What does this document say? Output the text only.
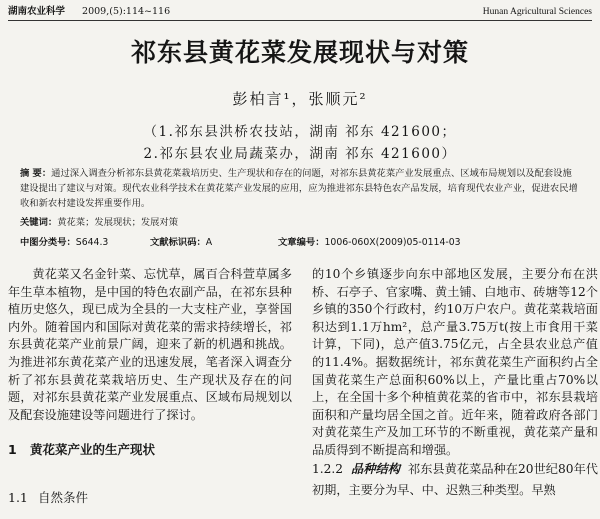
湖南农业科学 2009,(5):114~116	Hunan Agricultural Sciences
祁东县黄花菜发展现状与对策
彭柏言¹，张顺元²
（1.祁东县洪桥农技站，湖南 祁东 421600；
2.祁东县农业局蔬菜办，湖南 祁东 421600）
摘 要：通过深入调查分析祁东县黄花菜栽培历史、生产现状和存在的问题，对祁东县黄花菜产业发展重点、区域布局规划以及配套设施建设提出了建议与对策。现代农业科学技术在黄花菜产业发展的应用，应为推进祁东县特色农产品发展，培育现代农业产业，促进农民增收和新农村建设发挥重要作用。
关键词：黄花菜；发展现状；发展对策
中图分类号：S644.3	文献标识码：A	文章编号：1006-060X(2009)05-0114-03

黄花菜又名金针菜、忘忧草，属百合科萱草属多年生草本植物，是中国的特色农副产品，在祁东县种植历史悠久，现已成为全县的一大支柱产业，享誉国内外。随着国内和国际对黄花菜的需求持续增长，祁东县黄花菜产业前景广阔，迎来了新的机遇和挑战。为推进祁东黄花菜产业的迅速发展，笔者深入调查分析了祁东县黄花菜栽培历史、生产现状及存在的问题，对祁东县黄花菜产业发展重点、区域布局规划以及配套设施建设等问题进行了探讨。

1 黄花菜产业的生产现状
1.1 自然条件

的10个乡镇逐步向东中部地区发展，主要分布在洪桥、石亭子、官家嘴、黄土铺、白地市、砖塘等12个乡镇的350个行政村，约10万户农户。黄花菜栽培面积达到1.1万hm²，总产量3.75万t(按上市食用干菜计算，下同)，总产值3.75亿元，占全县农业总产值的11.4%。据数据统计，祁东黄花菜生产面积约占全国黄花菜生产总面积60%以上，产量比重占70%以上，在全国十多个种植黄花菜的省市中，祁东县栽培面积和产量均居全国之首。近年来，随着政府各部门对黄花菜生产及加工环节的不断重视，黄花菜产量和品质得到不断提高和增强。

1.2.2 品种结构 祁东县黄花菜品种在20世纪80年代初期，主要分为早、中、迟熟三种类型。早熟
